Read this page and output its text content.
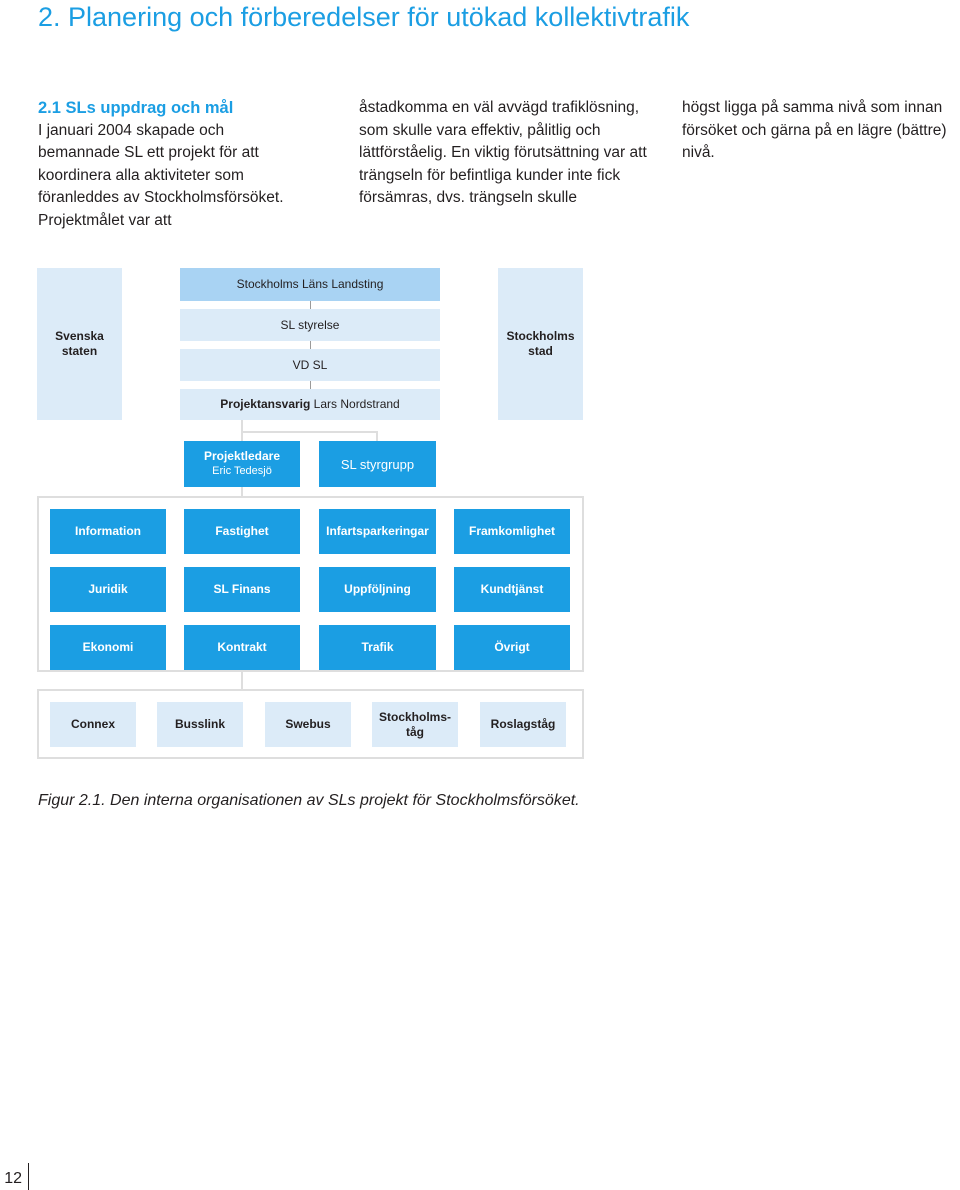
2. Planering och förberedelser för utökad kollektivtrafik

2.1 SLs uppdrag och mål
I januari 2004 skapade och bemannade SL ett projekt för att koordinera alla aktiviteter som föranleddes av Stockholmsförsöket. Projektmålet var att

åstadkomma en väl avvägd trafiklösning, som skulle vara effektiv, pålitlig och lättförståelig. En viktig förutsättning var att trängseln för befintliga kunder inte fick försämras, dvs. trängseln skulle

högst ligga på samma nivå som innan försöket och gärna på en lägre (bättre) nivå.

Svenska staten
Stockholms stad
Stockholms Läns Landsting
SL styrelse
VD SL
Projektansvarig
Lars Nordstrand
Projektledare
Eric Tedesjö	SL styrgrupp
Information	Fastighet	Infartsparkeringar	Framkomlighet
Juridik	SL Finans	Uppföljning	Kundtjänst
Ekonomi	Kontrakt	Trafik	Övrigt
Connex	Busslink	Swebus
Stockholms-tåg
Roslagståg

Figur 2.1. Den interna organisationen av SLs projekt för Stockholmsförsöket.

12
